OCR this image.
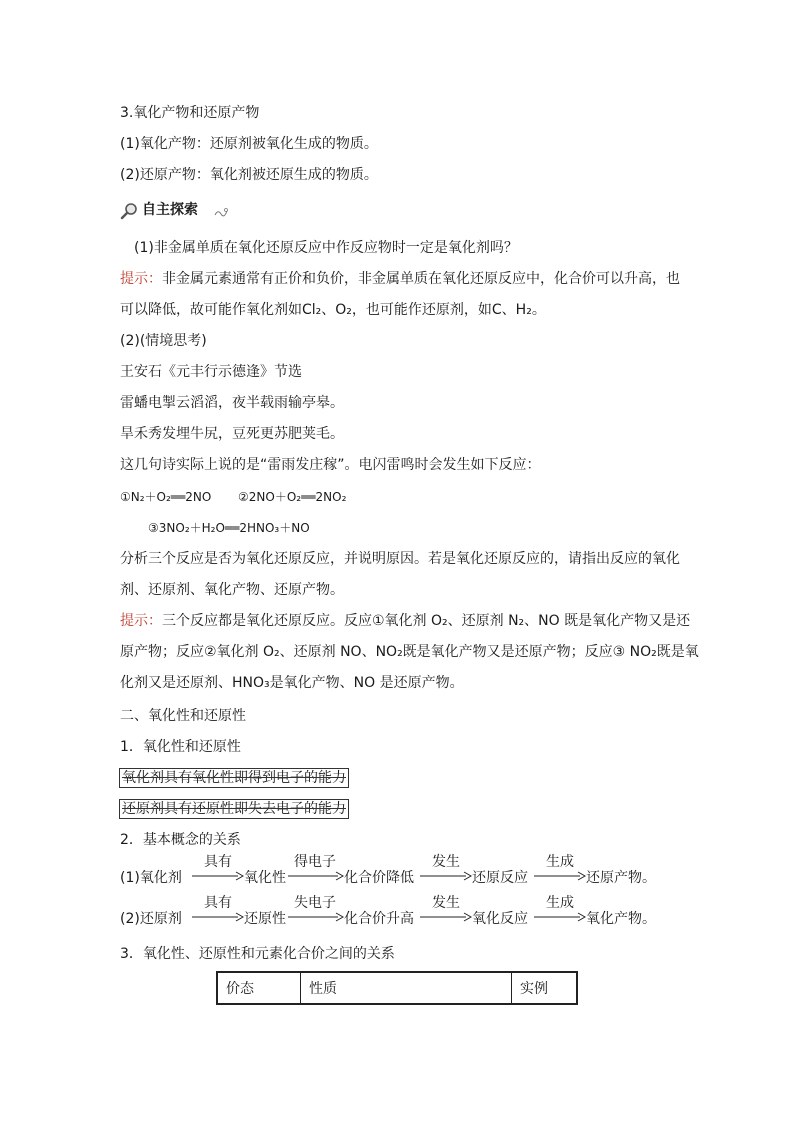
3.氧化产物和还原产物
(1)氧化产物：还原剂被氧化生成的物质。
(2)还原产物：氧化剂被还原生成的物质。
自主探索
(1)非金属单质在氧化还原反应中作反应物时一定是氧化剂吗？
提示：非金属元素通常有正价和负价，非金属单质在氧化还原反应中，化合价可以升高，也
可以降低，故可能作氧化剂如Cl₂、O₂，也可能作还原剂，如C、H₂。
(2)(情境思考)
王安石《元丰行示德逢》节选
雷蟠电掣云滔滔，夜半载雨输亭皋。
旱禾秀发埋牛尻，豆死更苏肥荚毛。
这几句诗实际上说的是“雷雨发庄稼”。电闪雷鸣时会发生如下反应：
①N₂＋O₂══2NO ②2NO＋O₂══2NO₂
③3NO₂＋H₂O══2HNO₃＋NO
分析三个反应是否为氧化还原反应，并说明原因。若是氧化还原反应的，请指出反应的氧化
剂、还原剂、氧化产物、还原产物。
提示：三个反应都是氧化还原反应。反应①氧化剂 O₂、还原剂 N₂、NO 既是氧化产物又是还
原产物；反应②氧化剂 O₂、还原剂 NO、NO₂既是氧化产物又是还原产物；反应③ NO₂既是氧
化剂又是还原剂、HNO₃是氧化产物、NO 是还原产物。
二、氧化性和还原性
1．氧化性和还原性
氧化剂具有氧化性即得到电子的能力
还原剂具有还原性即失去电子的能力
2．基本概念的关系
(1)氧化剂
具有
氧化性
得电子
化合价降低
发生
还原反应
生成
还原产物。
(2)还原剂
具有
还原性
失电子
化合价升高
发生
氧化反应
生成
氧化产物。
3．氧化性、还原性和元素化合价之间的关系
价态	性质	实例
